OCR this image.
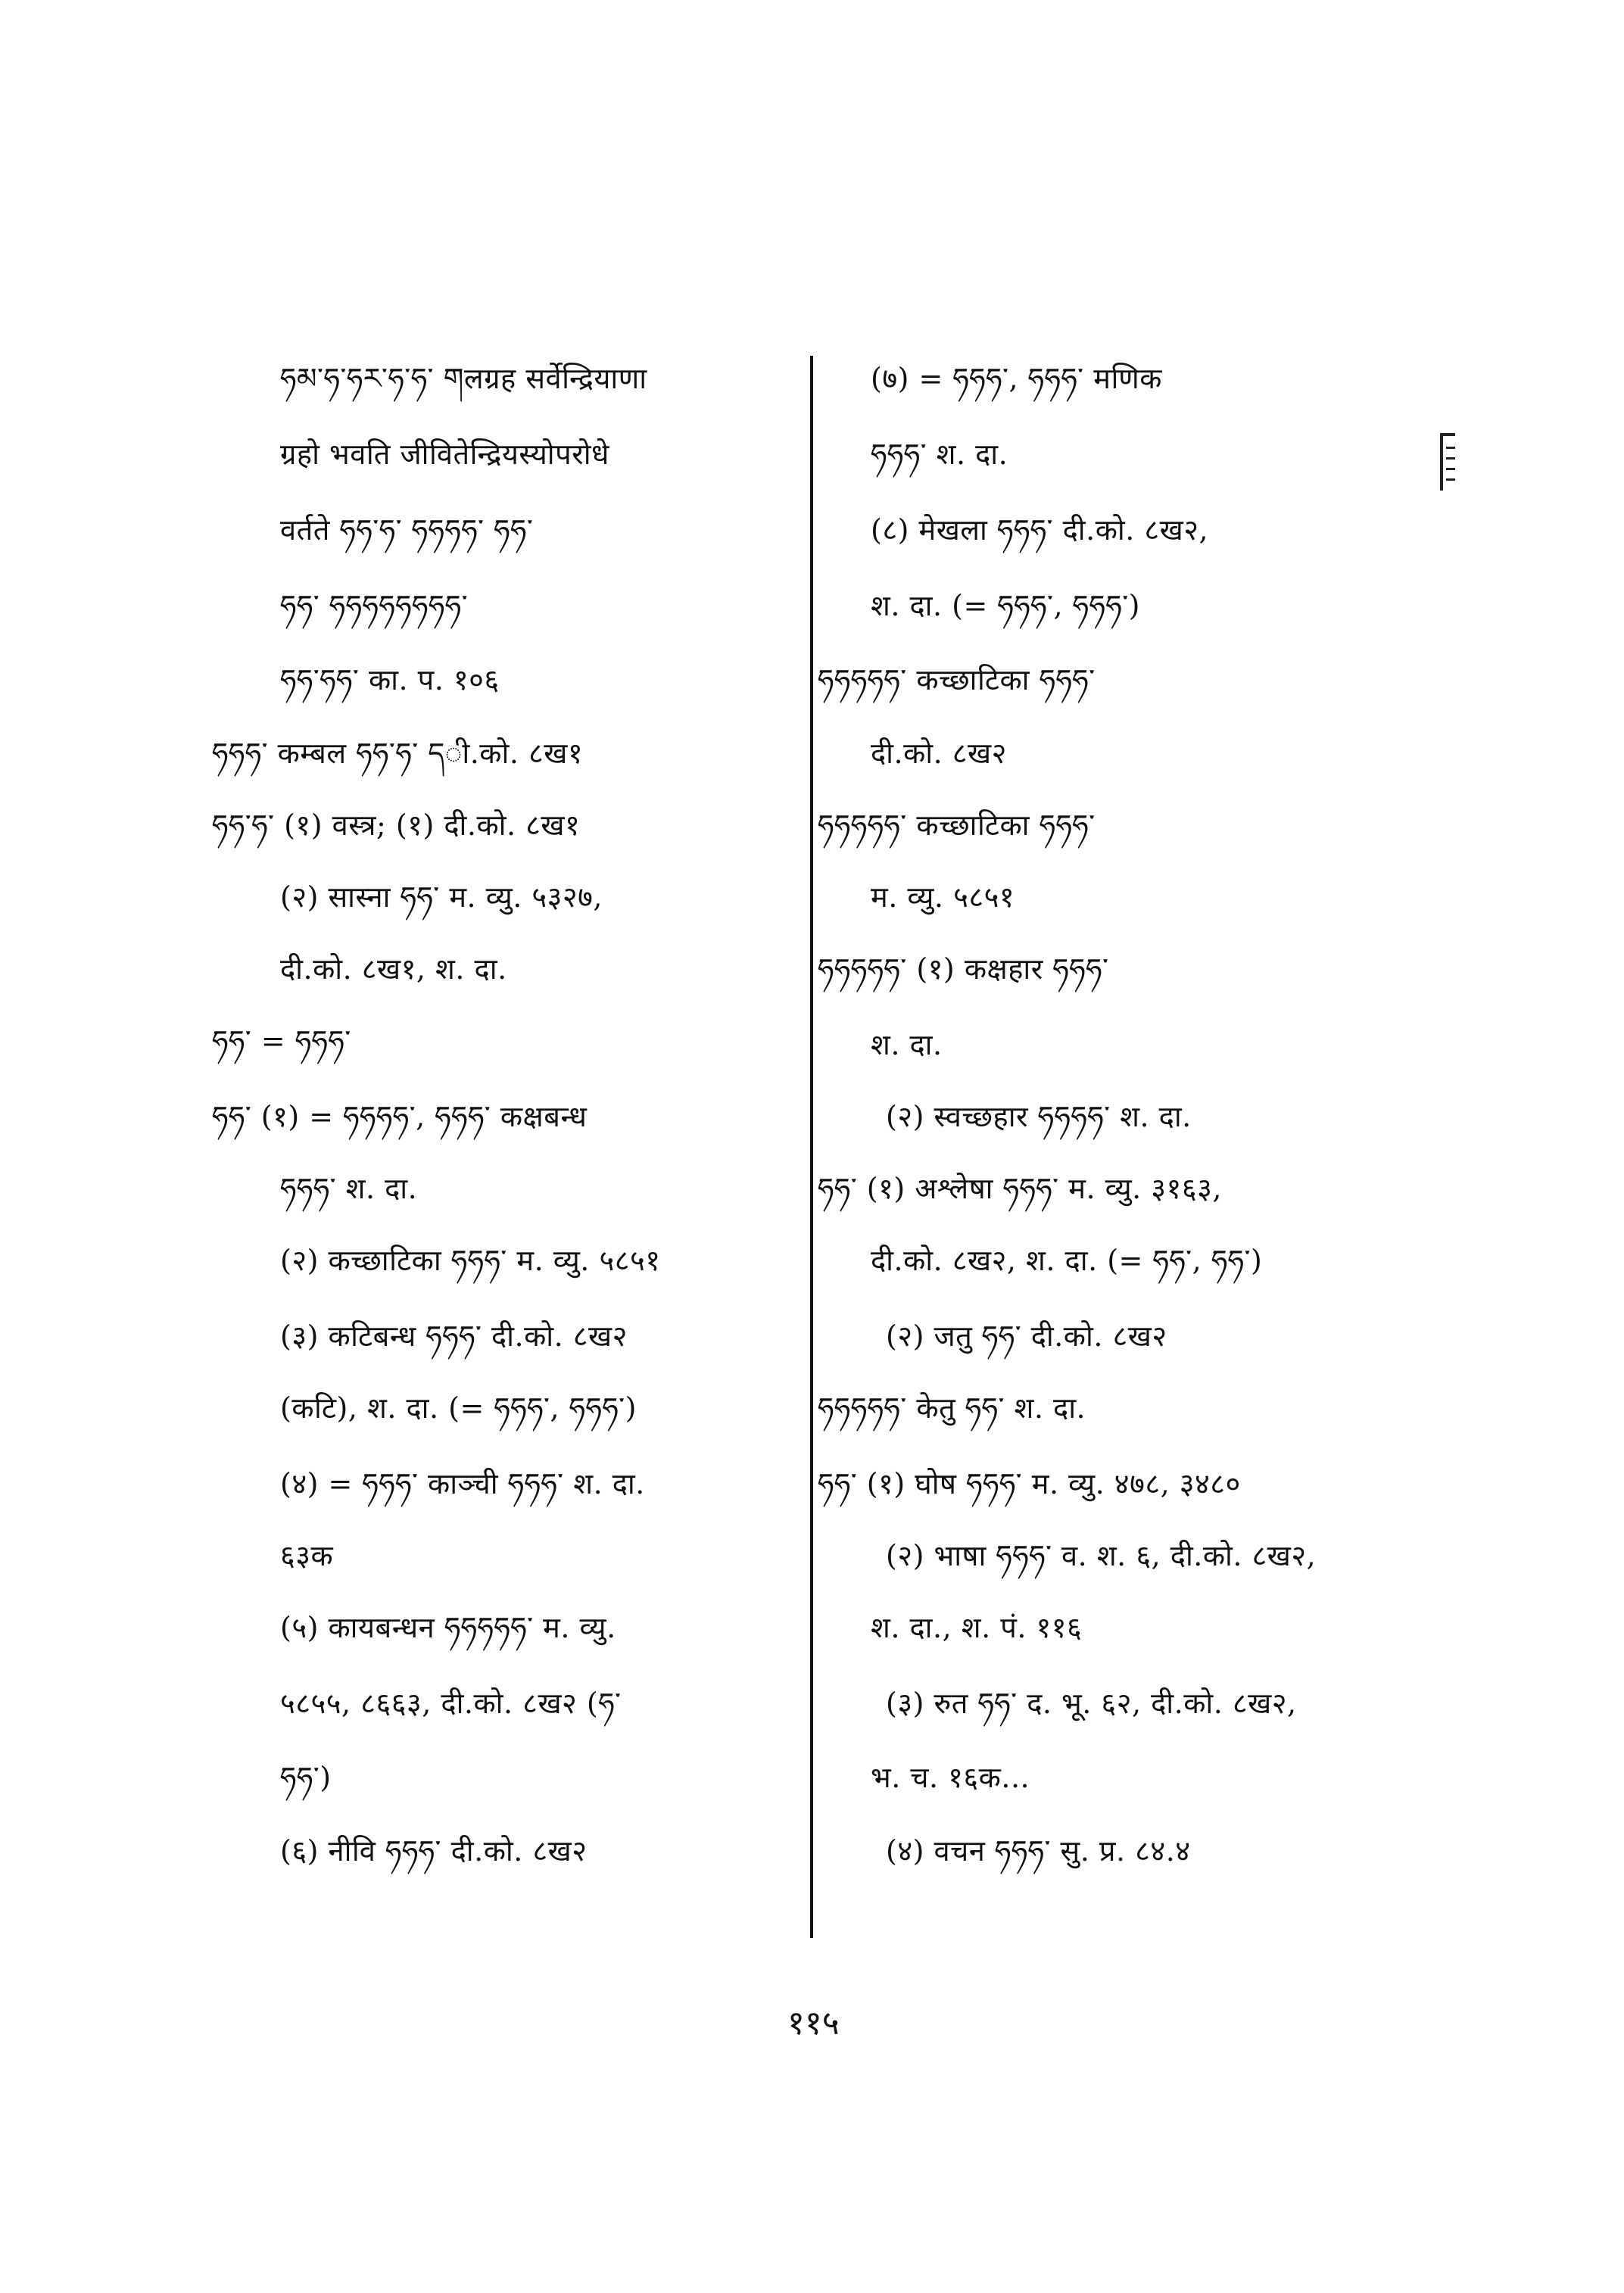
ཧམ་ཧ་ཧར་ཧ་ཧ་ གलग्रह सर्वेन्द्रियाणा
ग्रहो भवति जीवितेन्द्रियस्योपरोधे
वर्तते ཧཧ་ཧ་ ཧཧཧཧ་ ཧཧ་
ཧཧ་ ཧཧཧཧཧཧཧཧ་
ཧཧ་ཧཧ་ का. प. १०६
ཧཧཧ་ कम्बल ཧཧ་ཧ་ དी.को. ८ख१
ཧཧ་ཧ་ (१) वस्त्र; (१) दी.को. ८ख१
(२) सास्ना ཧཧ་ म. व्यु. ५३२७,
दी.को. ८ख१, श. दा.
ཧཧ་ = ཧཧཧ་
ཧཧ་ (१) = ཧཧཧཧ་, ཧཧཧ་ कक्षबन्ध
ཧཧཧ་ श. दा.
(२) कच्छाटिका ཧཧཧ་ म. व्यु. ५८५१
(३) कटिबन्ध ཧཧཧ་ दी.को. ८ख२
(कटि), श. दा. (= ཧཧཧ་, ཧཧཧ་)
(४) = ཧཧཧ་ काञ्ची ཧཧཧ་ श. दा.
६३क
(५) कायबन्धन ཧཧཧཧཧ་ म. व्यु.
५८५५, ८६६३, दी.को. ८ख२ (ཧ་
ཧཧ་)
(६) नीवि ཧཧཧ་ दी.को. ८ख२
(७) = ཧཧཧ་, ཧཧཧ་ मणिक
ཧཧཧ་ श. दा.
(८) मेखला ཧཧཧ་ दी.को. ८ख२,
श. दा. (= ཧཧཧ་, ཧཧཧ་)
ཧཧཧཧཧ་ कच्छाटिका ཧཧཧ་
दी.को. ८ख२
ཧཧཧཧཧ་ कच्छाटिका ཧཧཧ་
म. व्यु. ५८५१
ཧཧཧཧཧ་ (१) कक्षहार ཧཧཧ་
श. दा.
(२) स्वच्छहार ཧཧཧཧ་ श. दा.
ཧཧ་ (१) अश्लेषा ཧཧཧ་ म. व्यु. ३१६३,
दी.को. ८ख२, श. दा. (= ཧཧ་, ཧཧ་)
(२) जतु ཧཧ་ दी.को. ८ख२
ཧཧཧཧཧ་ केतु ཧཧ་ श. दा.
ཧཧ་ (१) घोष ཧཧཧ་ म. व्यु. ४७८, ३४८०
(२) भाषा ཧཧཧ་ व. श. ६, दी.को. ८ख२,
श. दा., श. पं. ११६
(३) रुत ཧཧ་ द. भू. ६२, दी.को. ८ख२,
भ. च. १६क...
(४) वचन ཧཧཧ་ सु. प्र. ८४.४
११५
